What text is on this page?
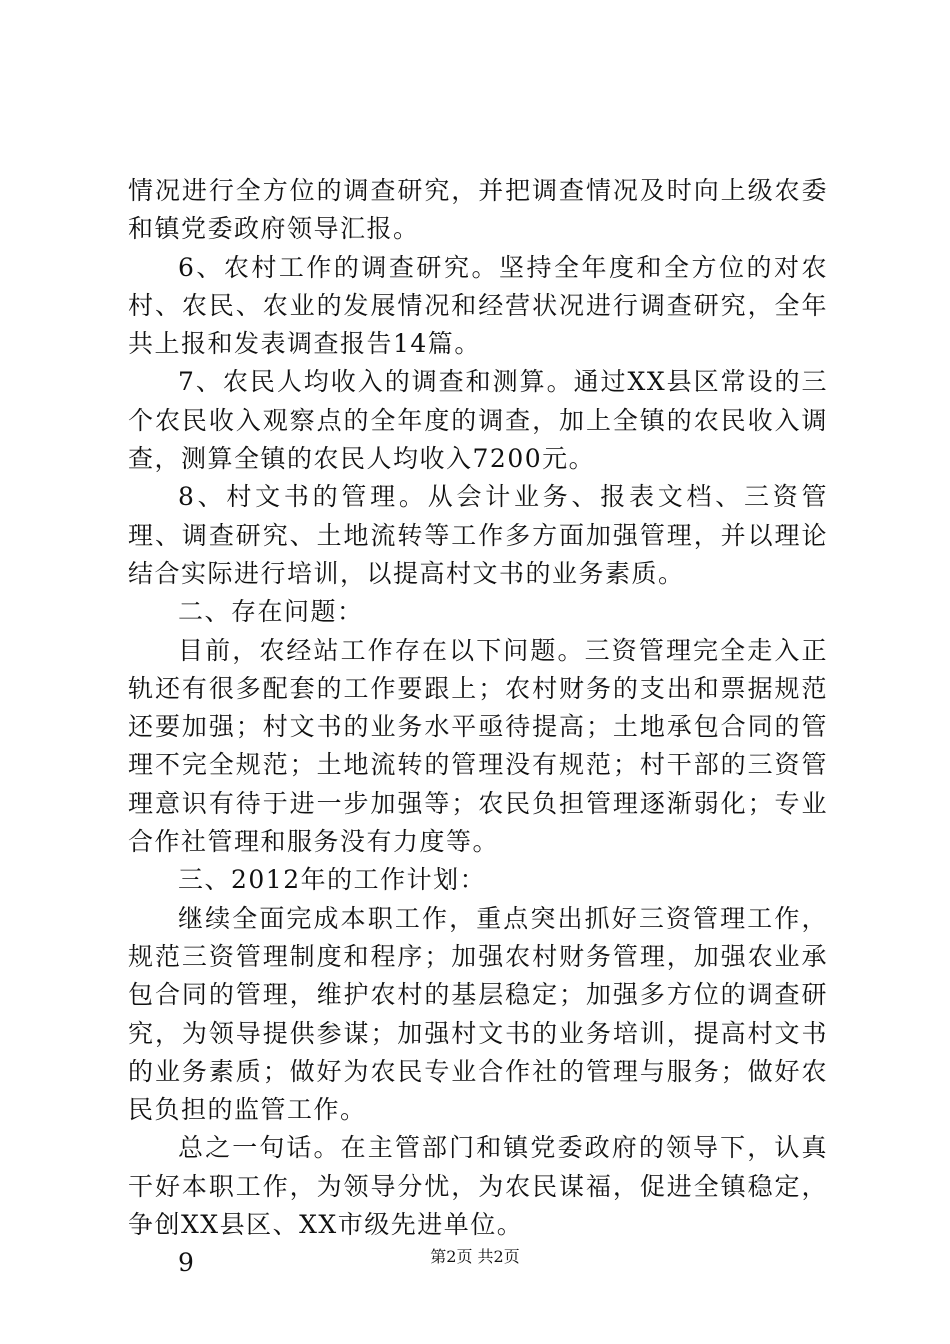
情况进行全方位的调查研究，并把调查情况及时向上级农委和镇党委政府领导汇报。

6、农村工作的调查研究。坚持全年度和全方位的对农村、农民、农业的发展情况和经营状况进行调查研究，全年共上报和发表调查报告14篇。

7、农民人均收入的调查和测算。通过XX县区常设的三个农民收入观察点的全年度的调查，加上全镇的农民收入调查，测算全镇的农民人均收入7200元。

8、村文书的管理。从会计业务、报表文档、三资管理、调查研究、土地流转等工作多方面加强管理，并以理论结合实际进行培训，以提高村文书的业务素质。

二、存在问题：

目前，农经站工作存在以下问题。三资管理完全走入正轨还有很多配套的工作要跟上；农村财务的支出和票据规范还要加强；村文书的业务水平亟待提高；土地承包合同的管理不完全规范；土地流转的管理没有规范；村干部的三资管理意识有待于进一步加强等；农民负担管理逐渐弱化；专业合作社管理和服务没有力度等。

三、2012年的工作计划：

继续全面完成本职工作，重点突出抓好三资管理工作，规范三资管理制度和程序；加强农村财务管理，加强农业承包合同的管理，维护农村的基层稳定；加强多方位的调查研究，为领导提供参谋；加强村文书的业务培训，提高村文书的业务素质；做好为农民专业合作社的管理与服务；做好农民负担的监管工作。

总之一句话。在主管部门和镇党委政府的领导下，认真干好本职工作，为领导分忧，为农民谋福，促进全镇稳定，争创XX县区、XX市级先进单位。

9	第2页 共2页
